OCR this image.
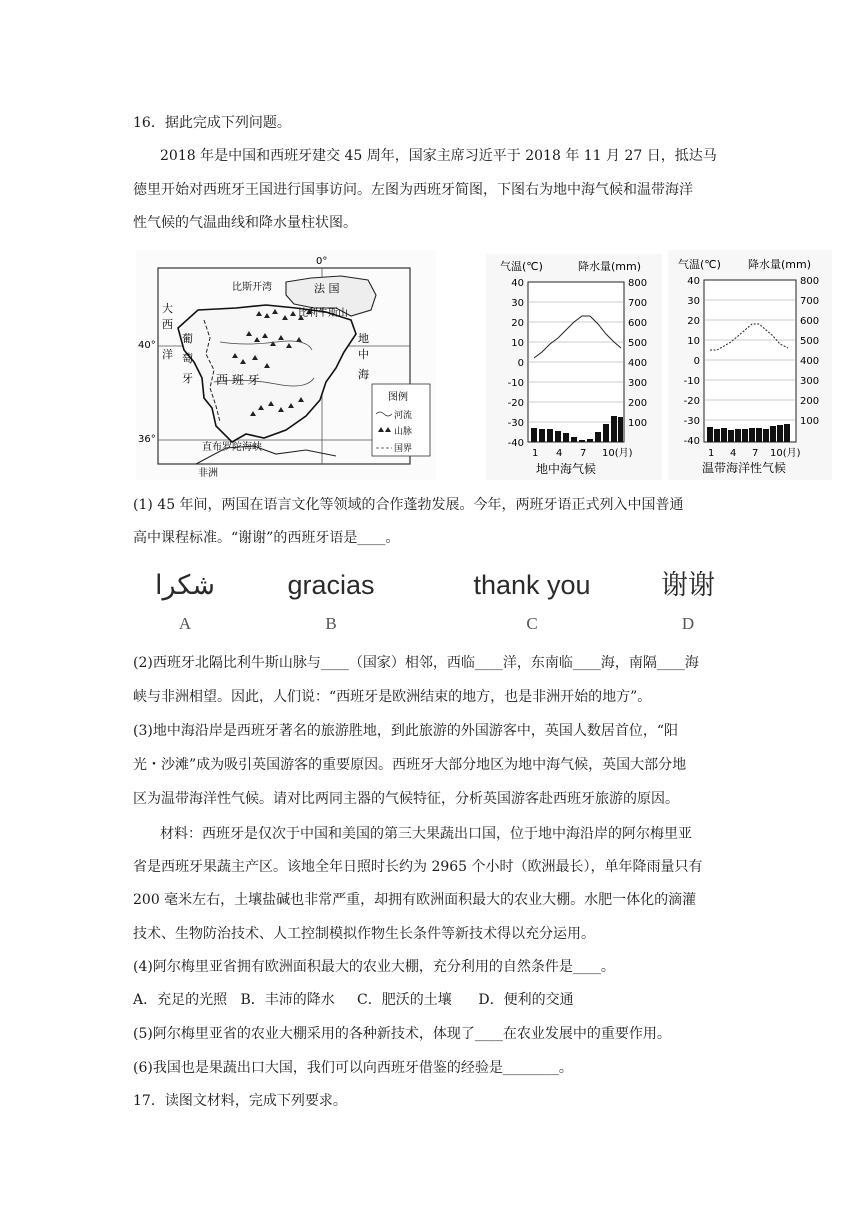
16．据此完成下列问题。
2018 年是中国和西班牙建交 45 周年，国家主席习近平于 2018 年 11 月 27 日，抵达马
德里开始对西班牙王国进行国事访问。左图为西班牙简图，下图右为地中海气候和温带海洋
性气候的气温曲线和降水量柱状图。
比斯开湾	法 国
比利牛斯山
大
西
洋
葡
萄
牙 西 班 牙
地
中
海
直布罗陀海峡
非洲
40°
36°
0°
图例
河流
山脉
国界
气温(℃)	降水量(mm)
40
30
20
10
0
-10
-20
-30
-40
800
700
600
500
400
300
200
100
1 4 7 10(月)
地中海气候
气温(℃) 降水量(mm)
40
30
20
10
0
-10
-20
-30
-40
800
700
600
500
400
300
200
100
1 4 7 10(月)
温带海洋性气候
(1) 45 年间，两国在语言文化等领域的合作蓬勃发展。今年，两班牙语正式列入中国普通
高中课程标准。“谢谢”的西班牙语是____。
شكرا
A
gracias
B
thank you
C
谢谢
D
(2)西班牙北隔比利牛斯山脉与____（国家）相邻，西临____洋，东南临____海，南隔____海
峡与非洲相望。因此，人们说：“西班牙是欧洲结束的地方，也是非洲开始的地方”。
(3)地中海沿岸是西班牙著名的旅游胜地，到此旅游的外国游客中，英国人数居首位，“阳
光・沙滩”成为吸引英国游客的重要原因。西班牙大部分地区为地中海气候，英国大部分地
区为温带海洋性气候。请对比两同主器的气候特征，分析英国游客赴西班牙旅游的原因。
材料：西班牙是仅次于中国和美国的第三大果蔬出口国，位于地中海沿岸的阿尔梅里亚
省是西班牙果蔬主产区。该地全年日照时长约为 2965 个小时（欧洲最长），单年降雨量只有
200 毫米左右，土壤盐碱也非常严重，却拥有欧洲面积最大的农业大棚。水肥一体化的滴灌
技术、生物防治技术、人工控制模拟作物生长条件等新技术得以充分运用。
(4)阿尔梅里亚省拥有欧洲面积最大的农业大棚，充分利用的自然条件是____。
A．充足的光照   B．丰沛的降水     C．肥沃的土壤      D．便利的交通
(5)阿尔梅里亚省的农业大棚采用的各种新技术，体现了____在农业发展中的重要作用。
(6)我国也是果蔬出口大国，我们可以向西班牙借鉴的经验是________。
17．读图文材料，完成下列要求。
